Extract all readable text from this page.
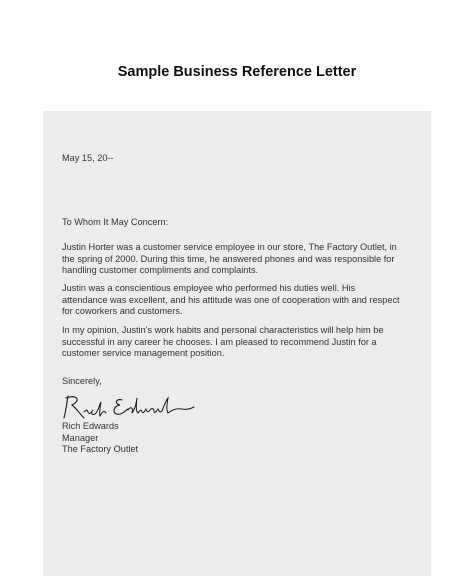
Sample Business Reference Letter

May 15, 20--

To Whom It May Concern:

Justin Horter was a customer service employee in our store, The Factory Outlet, in the spring of 2000. During this time, he answered phones and was responsible for handling customer compliments and complaints.

Justin was a conscientious employee who performed his duties well. His attendance was excellent, and his attitude was one of cooperation with and respect for coworkers and customers.

In my opinion, Justin's work habits and personal characteristics will help him be successful in any career he chooses. I am pleased to recommend Justin for a customer service management position.

Sincerely,

Rich Edwards
Manager
The Factory Outlet
